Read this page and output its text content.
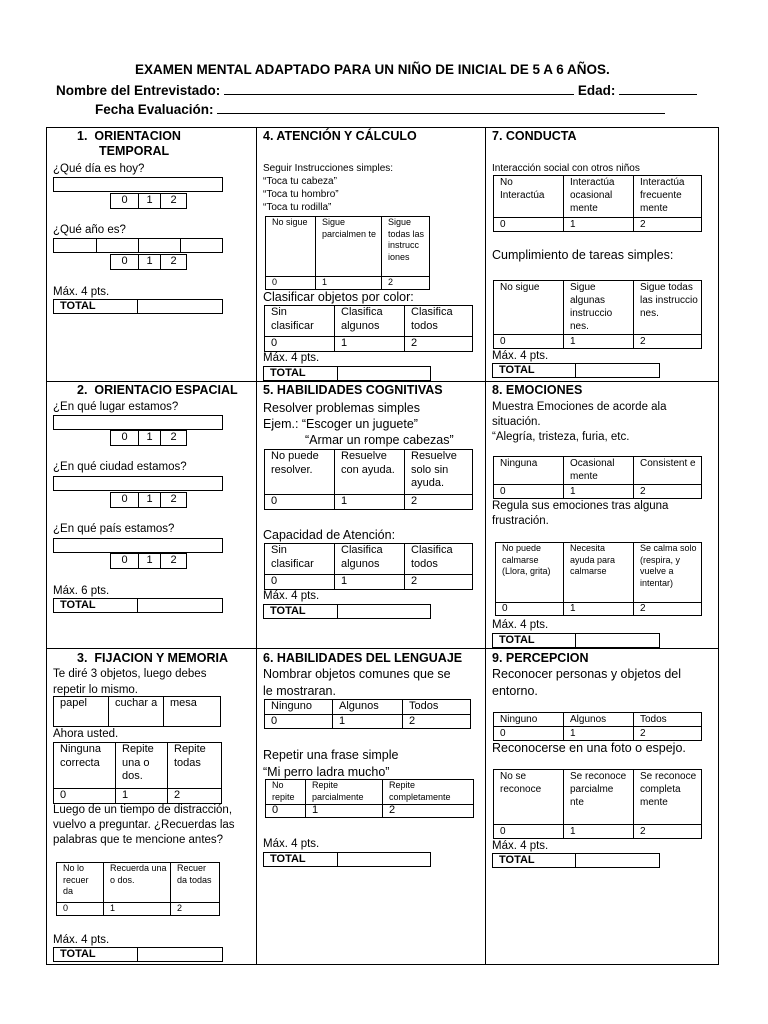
EXAMEN MENTAL ADAPTADO PARA UN NIÑO DE INICIAL DE 5 A 6 AÑOS.
Nombre del Entrevistado:	Edad:
Fecha Evaluación:
1. ORIENTACION
TEMPORAL
¿Qué día es hoy?
0	1	2
¿Qué año es?
0	1	2
Máx. 4 pts.
TOTAL
2. ORIENTACIO ESPACIAL
¿En qué lugar estamos?
0	1	2
¿En qué ciudad estamos?
0	1	2
¿En qué país estamos?
0	1	2
Máx. 6 pts.
TOTAL
3. FIJACION Y MEMORIA
Te diré 3 objetos, luego debes
repetir lo mismo.
papel	cuchar a	mesa
Ahora usted.
Ninguna correcta	Repite una o dos.	Repite todas
0	1	2
Luego de un tiempo de distracción,
vuelvo a preguntar. ¿Recuerdas las
palabras que te mencione antes?
No lo recuer da	Recuerda una o dos.	Recuer da todas
0	1	2
Máx. 4 pts.
TOTAL
4. ATENCIÓN Y CÁLCULO
Seguir Instrucciones simples:
“Toca tu cabeza”
“Toca tu hombro”
“Toca tu rodilla”
No sigue	Sigue parcialmen te	Sigue todas las instrucc iones
0	1	2
Clasificar objetos por color:
Sin clasificar	Clasifica algunos	Clasifica todos
0	1	2
Máx. 4 pts.
TOTAL
5. HABILIDADES COGNITIVAS
Resolver problemas simples
Ejem.: “Escoger un juguete”
“Armar un rompe cabezas”
No puede resolver.	Resuelve con ayuda.	Resuelve solo sin ayuda.
0	1	2
Capacidad de Atención:
Sin clasificar	Clasifica algunos	Clasifica todos
0	1	2
Máx. 4 pts.
TOTAL
6. HABILIDADES DEL LENGUAJE
Nombrar objetos comunes que se
le mostraran.
Ninguno	Algunos	Todos
0	1	2
Repetir una frase simple
“Mi perro ladra mucho”
No repite	Repite parcialmente	Repite completamente
0	1	2
Máx. 4 pts.
TOTAL
7. CONDUCTA
Interacción social con otros niños
No Interactúa	Interactúa ocasional mente	Interactúa frecuente mente
0	1	2
Cumplimiento de tareas simples:
No sigue	Sigue algunas instruccio nes.	Sigue todas las instruccio nes.
0	1	2
Máx. 4 pts.
TOTAL
8. EMOCIONES
Muestra Emociones de acorde ala
situación.
“Alegría, tristeza, furia, etc.
Ninguna	Ocasional mente	Consistent e
0	1	2
Regula sus emociones tras alguna
frustración.
No puede calmarse (Llora, grita)	Necesita ayuda para calmarse	Se calma solo (respira, y vuelve a intentar)
0	1	2
Máx. 4 pts.
TOTAL
9. PERCEPCION
Reconocer personas y objetos del
entorno.
Ninguno	Algunos	Todos
0	1	2
Reconocerse en una foto o espejo.
No se reconoce	Se reconoce parcialme nte	Se reconoce completa mente
0	1	2
Máx. 4 pts.
TOTAL
